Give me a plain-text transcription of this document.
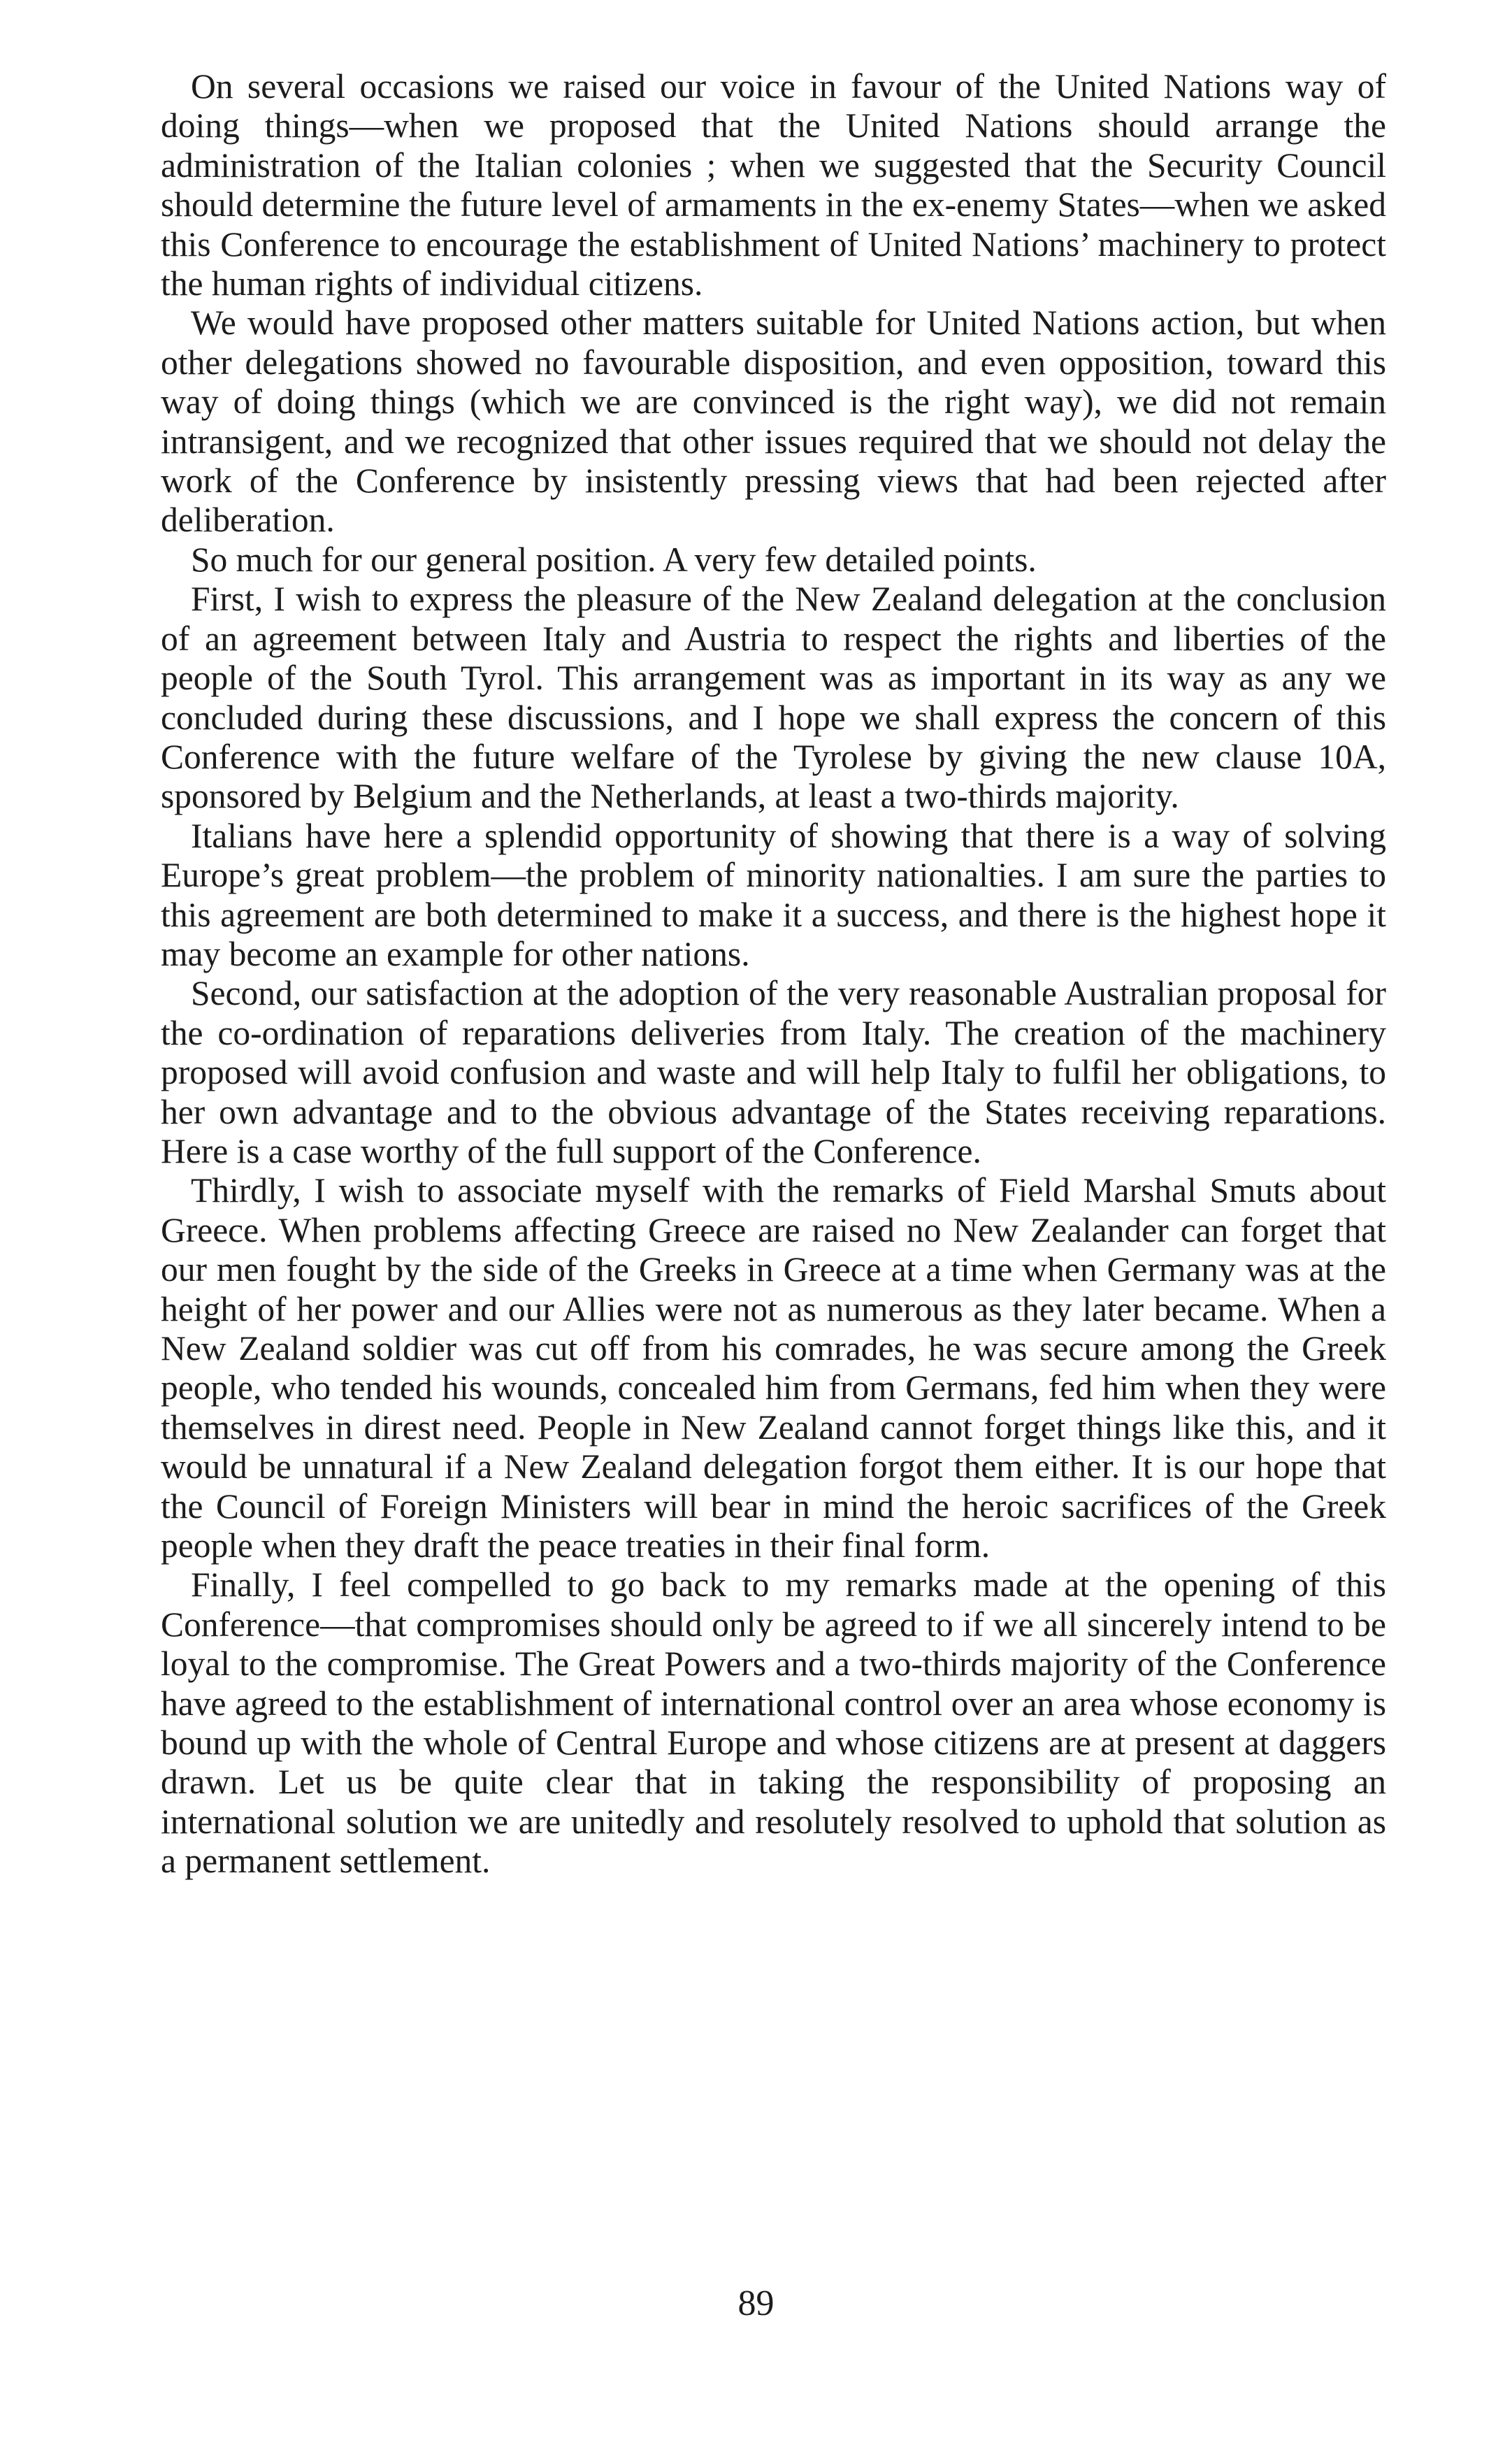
On several occasions we raised our voice in favour of the United Nations way of doing things—when we proposed that the United Nations should arrange the administration of the Italian colonies ; when we suggested that the Security Council should determine the future level of armaments in the ex-enemy States—when we asked this Conference to encourage the establishment of United Nations’ machinery to protect the human rights of individual citizens.

We would have proposed other matters suitable for United Nations action, but when other delegations showed no favourable disposition, and even opposition, toward this way of doing things (which we are convinced is the right way), we did not remain intransigent, and we recognized that other issues required that we should not delay the work of the Conference by insistently pressing views that had been rejected after deliberation.

So much for our general position. A very few detailed points.

First, I wish to express the pleasure of the New Zealand delegation at the conclusion of an agreement between Italy and Austria to respect the rights and liberties of the people of the South Tyrol. This arrangement was as important in its way as any we concluded during these discussions, and I hope we shall express the concern of this Conference with the future welfare of the Tyrolese by giving the new clause 10A, sponsored by Belgium and the Netherlands, at least a two-thirds majority.

Italians have here a splendid opportunity of showing that there is a way of solving Europe’s great problem—the problem of minority nationalties. I am sure the parties to this agreement are both determined to make it a success, and there is the highest hope it may become an example for other nations.

Second, our satisfaction at the adoption of the very reasonable Australian proposal for the co-ordination of reparations deliveries from Italy. The creation of the machinery proposed will avoid confusion and waste and will help Italy to fulfil her obligations, to her own advantage and to the obvious advantage of the States receiving reparations. Here is a case worthy of the full support of the Conference.

Thirdly, I wish to associate myself with the remarks of Field Marshal Smuts about Greece. When problems affecting Greece are raised no New Zealander can forget that our men fought by the side of the Greeks in Greece at a time when Germany was at the height of her power and our Allies were not as numerous as they later became. When a New Zealand soldier was cut off from his comrades, he was secure among the Greek people, who tended his wounds, concealed him from Germans, fed him when they were themselves in direst need. People in New Zealand cannot forget things like this, and it would be unnatural if a New Zealand delegation forgot them either. It is our hope that the Council of Foreign Ministers will bear in mind the heroic sacrifices of the Greek people when they draft the peace treaties in their final form.

Finally, I feel compelled to go back to my remarks made at the opening of this Conference—that compromises should only be agreed to if we all sincerely intend to be loyal to the compromise. The Great Powers and a two-thirds majority of the Conference have agreed to the establishment of international control over an area whose economy is bound up with the whole of Central Europe and whose citizens are at present at daggers drawn. Let us be quite clear that in taking the responsibility of proposing an international solution we are unitedly and resolutely resolved to uphold that solution as a permanent settlement.

89
